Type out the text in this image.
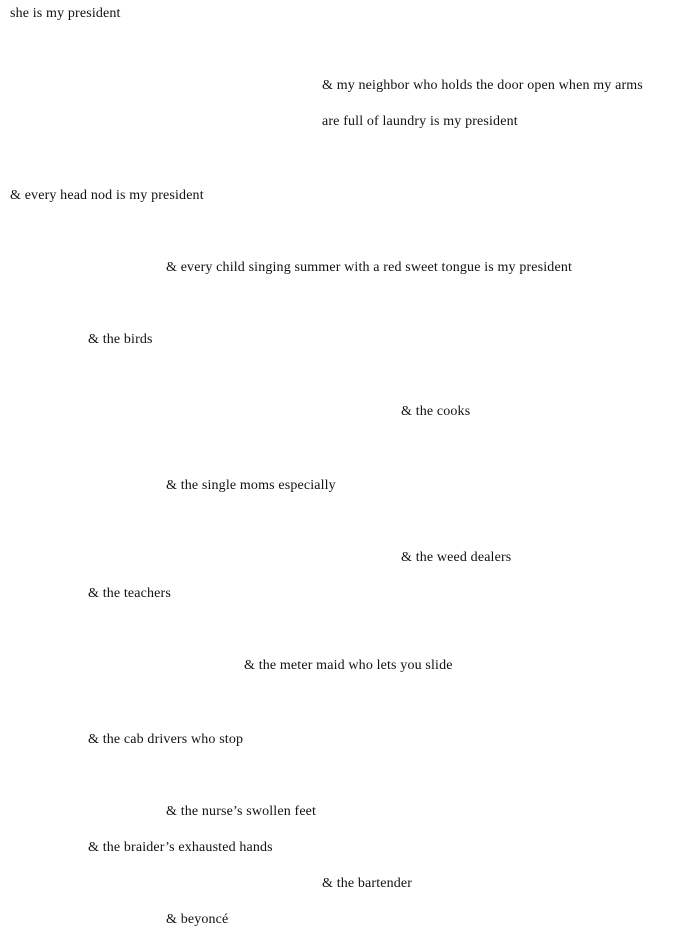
she is my president
& my neighbor who holds the door open when my arms
are full of laundry is my president
& every head nod is my president
& every child singing summer with a red sweet tongue is my president
& the birds
& the cooks
& the single moms especially
& the weed dealers
& the teachers
& the meter maid who lets you slide
& the cab drivers who stop
& the nurse’s swollen feet
& the braider’s exhausted hands
& the bartender
& beyoncé
